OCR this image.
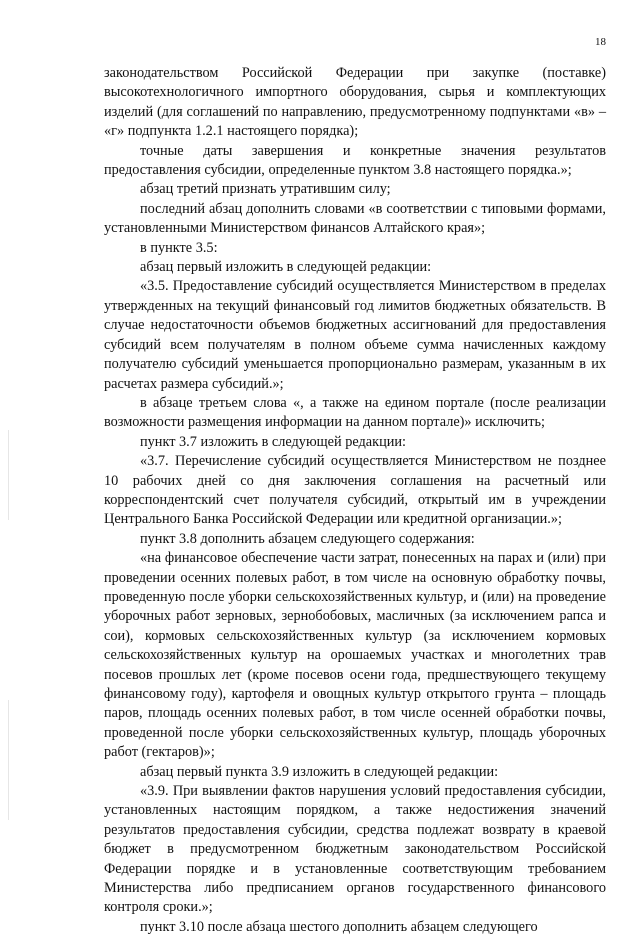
18

законодательством Российской Федерации при закупке (поставке) высокотехнологичного импортного оборудования, сырья и комплектующих изделий (для соглашений по направлению, предусмотренному подпунктами «в» – «г» подпункта 1.2.1 настоящего порядка);

точные даты завершения и конкретные значения результатов предоставления субсидии, определенные пунктом 3.8 настоящего порядка.»;

абзац третий признать утратившим силу;

последний абзац дополнить словами «в соответствии с типовыми формами, установленными Министерством финансов Алтайского края»;

в пункте 3.5:

абзац первый изложить в следующей редакции:

«3.5. Предоставление субсидий осуществляется Министерством в пределах утвержденных на текущий финансовый год лимитов бюджетных обязательств. В случае недостаточности объемов бюджетных ассигнований для предоставления субсидий всем получателям в полном объеме сумма начисленных каждому получателю субсидий уменьшается пропорционально размерам, указанным в их расчетах размера субсидий.»;

в абзаце третьем слова «, а также на едином портале (после реализации возможности размещения информации на данном портале)» исключить;

пункт 3.7 изложить в следующей редакции:

«3.7. Перечисление субсидий осуществляется Министерством не позднее 10 рабочих дней со дня заключения соглашения на расчетный или корреспондентский счет получателя субсидий, открытый им в учреждении Центрального Банка Российской Федерации или кредитной организации.»;

пункт 3.8 дополнить абзацем следующего содержания:

«на финансовое обеспечение части затрат, понесенных на парах и (или) при проведении осенних полевых работ, в том числе на основную обработку почвы, проведенную после уборки сельскохозяйственных культур, и (или) на проведение уборочных работ зерновых, зернобобовых, масличных (за исключением рапса и сои), кормовых сельскохозяйственных культур (за исключением кормовых сельскохозяйственных культур на орошаемых участках и многолетних трав посевов прошлых лет (кроме посевов осени года, предшествующего текущему финансовому году), картофеля и овощных культур открытого грунта – площадь паров, площадь осенних полевых работ, в том числе осенней обработки почвы, проведенной после уборки сельскохозяйственных культур, площадь уборочных работ (гектаров)»;

абзац первый пункта 3.9 изложить в следующей редакции:

«3.9. При выявлении фактов нарушения условий предоставления субсидии, установленных настоящим порядком, а также недостижения значений результатов предоставления субсидии, средства подлежат возврату в краевой бюджет в предусмотренном бюджетным законодательством Российской Федерации порядке и в установленные соответствующим требованием Министерства либо предписанием органов государственного финансового контроля сроки.»;

пункт 3.10 после абзаца шестого дополнить абзацем следующего
